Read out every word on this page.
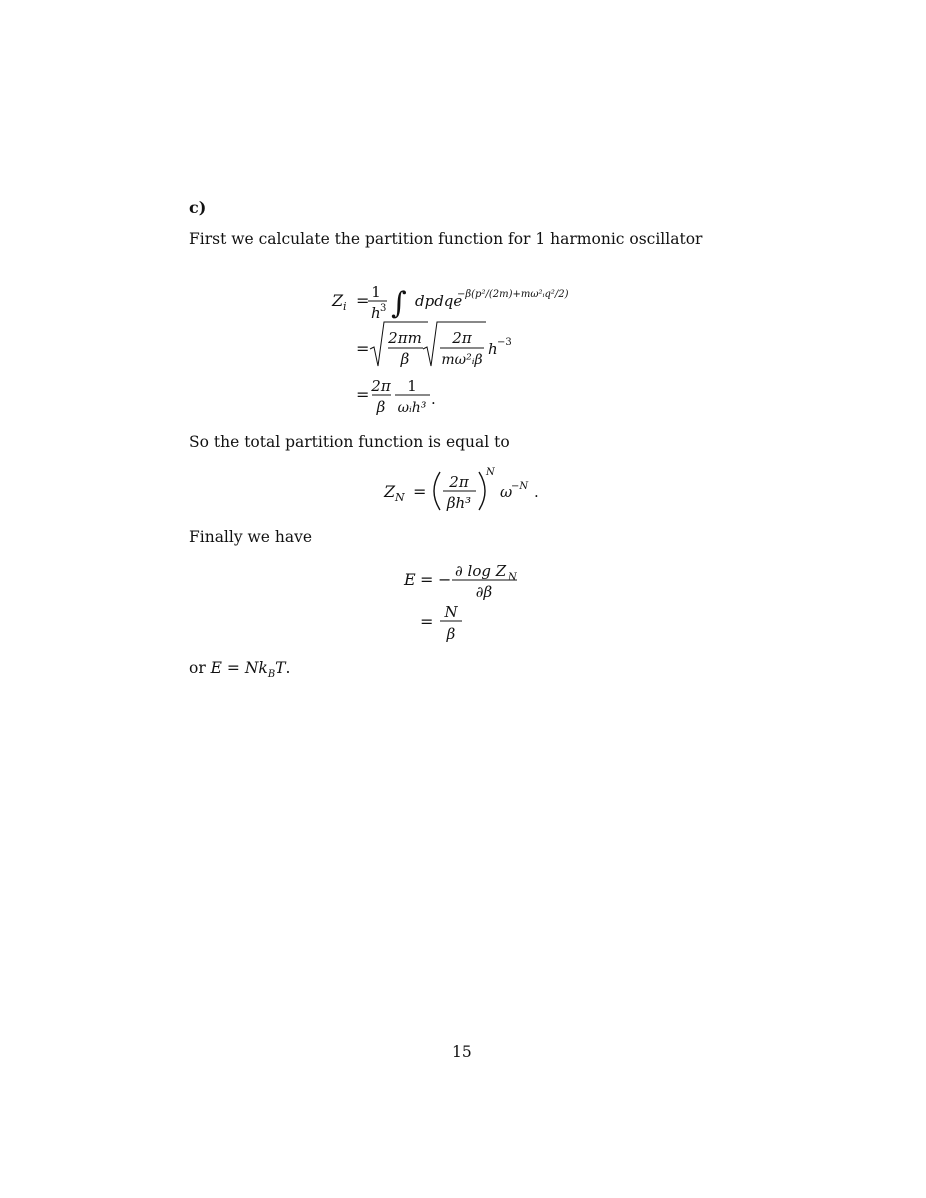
c)
First we calculate the partition function for 1 harmonic oscillator
Z i = 1
h 3 ∫ dpdqe
−β(p²/(2m)+mω²ᵢq²/2)
=
2πm
β
2π
mω²ᵢβ
h −3
= 2π
β
1
ωᵢh³ .
So the total partition function is equal to
Z N = 2π
βh³
N
ω
−N .
Finally we have
E = − ∂ log Z N
∂β
= N
β
or $E = Nk_BT$.
15
